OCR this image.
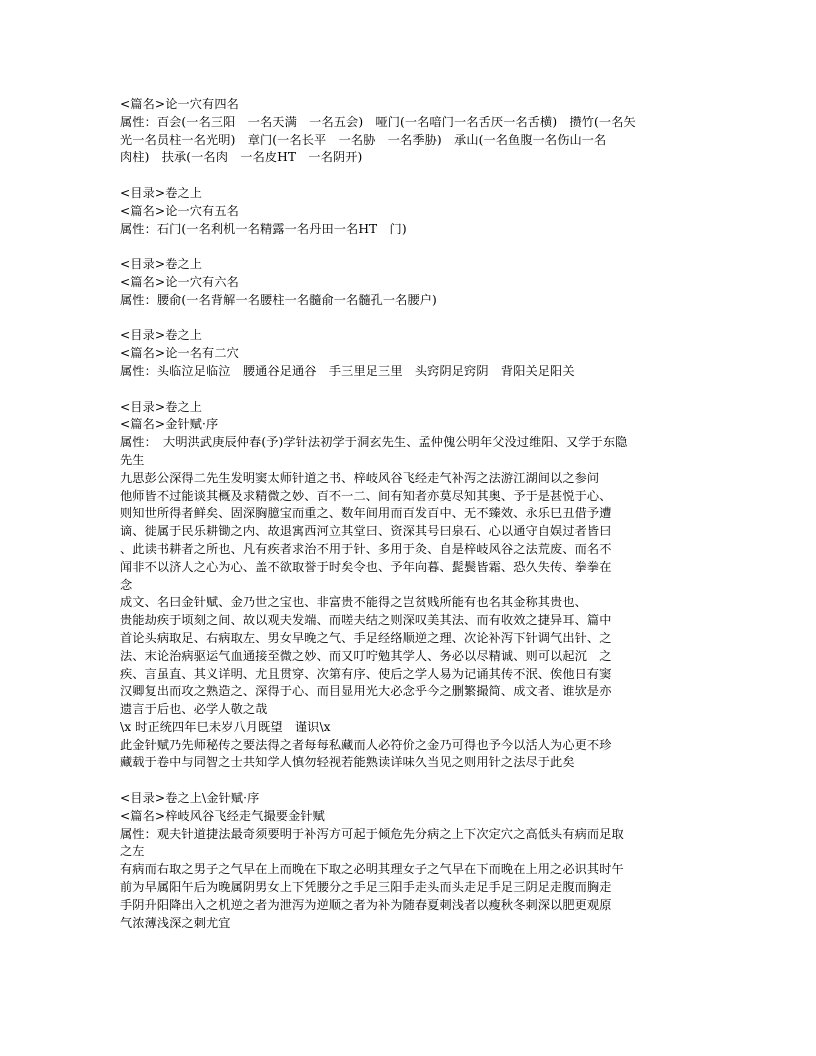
<篇名>论一穴有四名
属性：百会(一名三阳　一名天满　一名五会)　哑门(一名喑门一名舌厌一名舌横)　攒竹(一名矢
光一名员柱一名光明)　章门(一名长平　一名胁　一名季胁)　承山(一名鱼腹一名伤山一名
肉柱)　扶承(一名肉　一名皮HT　一名阴开)
<目录>卷之上
<篇名>论一穴有五名
属性：石门(一名利机一名精露一名丹田一名HT　门)
<目录>卷之上
<篇名>论一穴有六名
属性：腰俞(一名背解一名腰柱一名髓俞一名髓孔一名腰户)
<目录>卷之上
<篇名>论一名有二穴
属性：头临泣足临泣　腰通谷足通谷　手三里足三里　头窍阴足窍阴　背阳关足阳关
<目录>卷之上
<篇名>金针赋·序
属性：　大明洪武庚辰仲春(予)学针法初学于洞玄先生、孟仲傀公明年父没过维阳、又学于东隐
先生
九思彭公深得二先生发明窦太师针道之书、梓岐风谷飞经走气补泻之法游江湖间以之参问
他师皆不过能谈其概及求精微之妙、百不一二、间有知者亦莫尽知其奥、予于是甚悦于心、
则知世所得者鲜矣、固深胸臆宝而重之、数年间用而百发百中、无不臻效、永乐巳丑借予遭
谪、徙属于民乐耕锄之内、故退寓西河立其堂曰、资深其号曰泉石、心以通守自娱过者皆曰
、此读书耕者之所也、凡有疾者求治不用于针、多用于灸、自是梓岐风谷之法荒废、而名不
闻非不以济人之心为心、盖不欲取誉于时矣令也、予年向暮、髭鬓皆霜、恐久失传、拳拳在
念
成文、名曰金针赋、金乃世之宝也、非富贵不能得之岂贫贱所能有也名其金称其贵也、
贵能劫疾于顷刻之间、故以观夫发端、而嗟夫结之则深叹美其法、而有收效之捷异耳、篇中
首论头病取足、右病取左、男女早晚之气、手足经络顺逆之理、次论补泻下针调气出针、之
法、末论治病驱运气血通接至微之妙、而又叮咛勉其学人、务必以尽精诚、则可以起沉　之
疾、言虽直、其义详明、尤且贯穿、次第有序、使后之学人易为记诵其传不泯、俟他日有窦
汉卿复出而攻之熟造之、深得于心、而目显用光大必念乎今之删繁撮简、成文者、谁欤是亦
遗言于后也、必学人敬之哉
\x 时正统四年巳未岁八月既望　谨识\x
此金针赋乃先师秘传之要法得之者每每私藏而人必符价之金乃可得也予今以活人为心更不珍
藏载于卷中与同智之士共知学人慎勿轻视若能熟读详味久当见之则用针之法尽于此矣
<目录>卷之上\金针赋·序
<篇名>梓岐风谷飞经走气撮要金针赋
属性：观夫针道捷法最奇须要明于补泻方可起于倾危先分病之上下次定穴之高低头有病而足取
之左
有病而右取之男子之气早在上而晚在下取之必明其理女子之气早在下而晚在上用之必识其时午
前为早属阳午后为晚属阴男女上下凭腰分之手足三阳手走头而头走足手足三阴足走腹而胸走
手阴升阳降出入之机逆之者为泄泻为逆顺之者为补为随春夏刺浅者以瘦秋冬刺深以肥更观原
气浓薄浅深之刺尤宜
